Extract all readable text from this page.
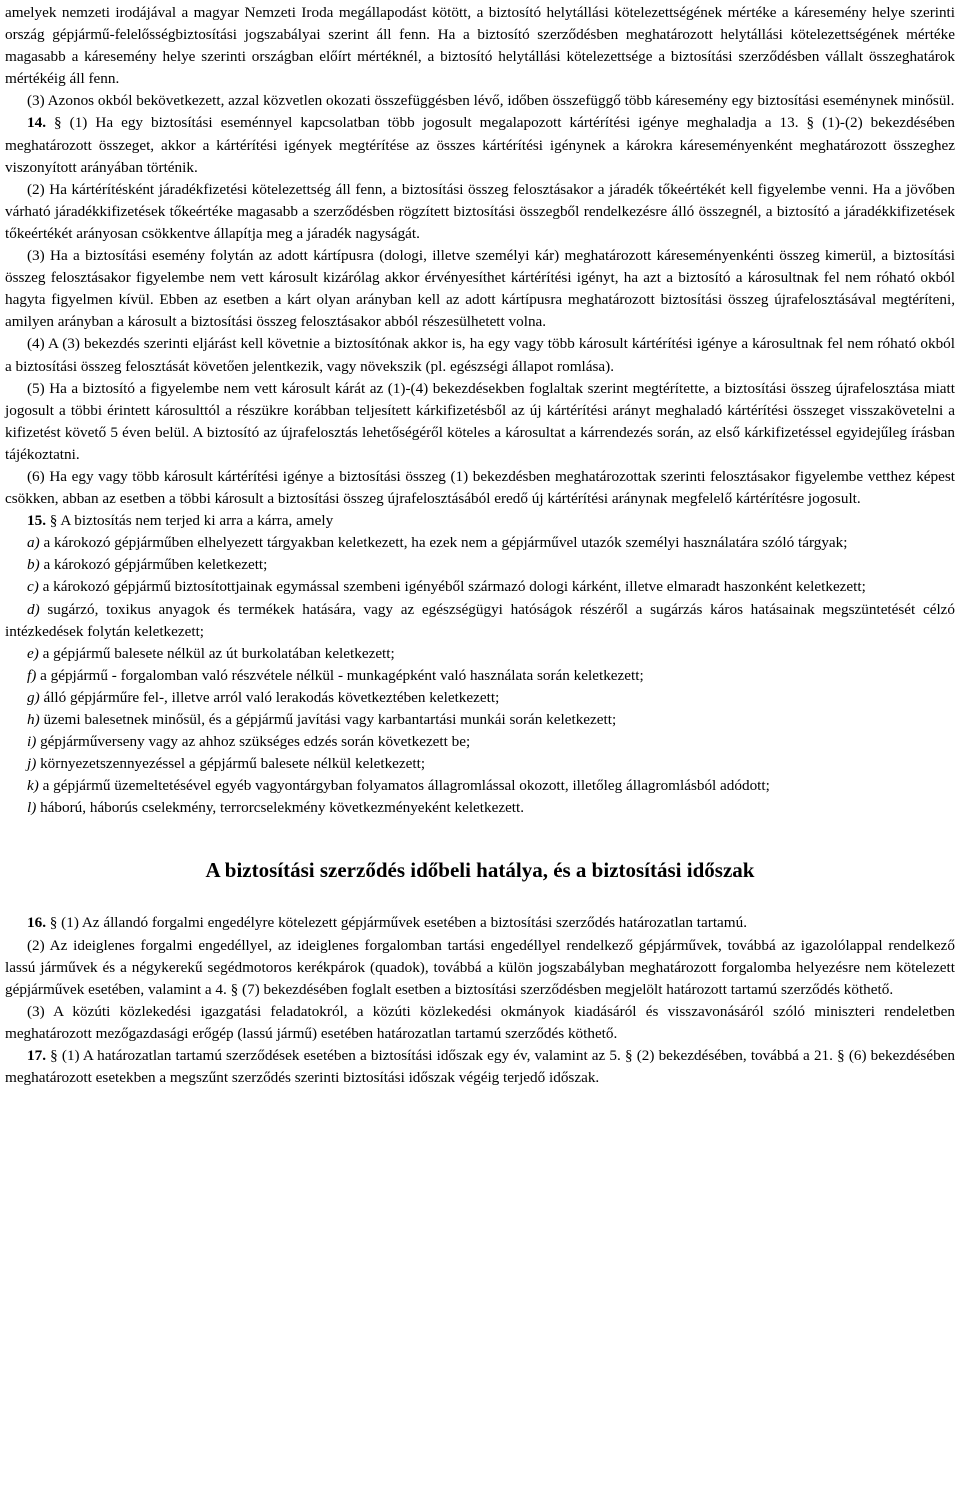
amelyek nemzeti irodájával a magyar Nemzeti Iroda megállapodást kötött, a biztosító helytállási kötelezettségének mértéke a káresemény helye szerinti ország gépjármű-felelősségbiztosítási jogszabályai szerint áll fenn. Ha a biztosító szerződésben meghatározott helytállási kötelezettségének mértéke magasabb a káresemény helye szerinti országban előírt mértéknél, a biztosító helytállási kötelezettsége a biztosítási szerződésben vállalt összeghatárok mértékéig áll fenn.

(3) Azonos okból bekövetkezett, azzal közvetlen okozati összefüggésben lévő, időben összefüggő több káresemény egy biztosítási eseménynek minősül.

14. § (1) Ha egy biztosítási eseménnyel kapcsolatban több jogosult megalapozott kártérítési igénye meghaladja a 13. § (1)-(2) bekezdésében meghatározott összeget, akkor a kártérítési igények megtérítése az összes kártérítési igénynek a károkra káreseményenként meghatározott összeghez viszonyított arányában történik.

(2) Ha kártérítésként járadékfizetési kötelezettség áll fenn, a biztosítási összeg felosztásakor a járadék tőkeértékét kell figyelembe venni. Ha a jövőben várható járadékkifizetések tőkeértéke magasabb a szerződésben rögzített biztosítási összegből rendelkezésre álló összegnél, a biztosító a járadékkifizetések tőkeértékét arányosan csökkentve állapítja meg a járadék nagyságát.

(3) Ha a biztosítási esemény folytán az adott kártípusra (dologi, illetve személyi kár) meghatározott káreseményenkénti összeg kimerül, a biztosítási összeg felosztásakor figyelembe nem vett károsult kizárólag akkor érvényesíthet kártérítési igényt, ha azt a biztosító a károsultnak fel nem róható okból hagyta figyelmen kívül. Ebben az esetben a kárt olyan arányban kell az adott kártípusra meghatározott biztosítási összeg újrafelosztásával megtéríteni, amilyen arányban a károsult a biztosítási összeg felosztásakor abból részesülhetett volna.

(4) A (3) bekezdés szerinti eljárást kell követnie a biztosítónak akkor is, ha egy vagy több károsult kártérítési igénye a károsultnak fel nem róható okból a biztosítási összeg felosztását követően jelentkezik, vagy növekszik (pl. egészségi állapot romlása).

(5) Ha a biztosító a figyelembe nem vett károsult kárát az (1)-(4) bekezdésekben foglaltak szerint megtérítette, a biztosítási összeg újrafelosztása miatt jogosult a többi érintett károsulttól a részükre korábban teljesített kárkifizetésből az új kártérítési arányt meghaladó kártérítési összeget visszakövetelni a kifizetést követő 5 éven belül. A biztosító az újrafelosztás lehetőségéről köteles a károsultat a kárrendezés során, az első kárkifizetéssel egyidejűleg írásban tájékoztatni.

(6) Ha egy vagy több károsult kártérítési igénye a biztosítási összeg (1) bekezdésben meghatározottak szerinti felosztásakor figyelembe vetthez képest csökken, abban az esetben a többi károsult a biztosítási összeg újrafelosztásából eredő új kártérítési aránynak megfelelő kártérítésre jogosult.

15. § A biztosítás nem terjed ki arra a kárra, amely

a) a károkozó gépjárműben elhelyezett tárgyakban keletkezett, ha ezek nem a gépjárművel utazók személyi használatára szóló tárgyak;

b) a károkozó gépjárműben keletkezett;

c) a károkozó gépjármű biztosítottjainak egymással szembeni igényéből származó dologi kárként, illetve elmaradt haszonként keletkezett;

d) sugárzó, toxikus anyagok és termékek hatására, vagy az egészségügyi hatóságok részéről a sugárzás káros hatásainak megszüntetését célzó intézkedések folytán keletkezett;

e) a gépjármű balesete nélkül az út burkolatában keletkezett;

f) a gépjármű - forgalomban való részvétele nélkül - munkagépként való használata során keletkezett;

g) álló gépjárműre fel-, illetve arról való lerakodás következtében keletkezett;

h) üzemi balesetnek minősül, és a gépjármű javítási vagy karbantartási munkái során keletkezett;

i) gépjárműverseny vagy az ahhoz szükséges edzés során következett be;

j) környezetszennyezéssel a gépjármű balesete nélkül keletkezett;

k) a gépjármű üzemeltetésével egyéb vagyontárgyban folyamatos állagromlással okozott, illetőleg állagromlásból adódott;

l) háború, háborús cselekmény, terrorcselekmény következményeként keletkezett.

A biztosítási szerződés időbeli hatálya, és a biztosítási időszak

16. § (1) Az állandó forgalmi engedélyre kötelezett gépjárművek esetében a biztosítási szerződés határozatlan tartamú.

(2) Az ideiglenes forgalmi engedéllyel, az ideiglenes forgalomban tartási engedéllyel rendelkező gépjárművek, továbbá az igazolólappal rendelkező lassú járművek és a négykerekű segédmotoros kerékpárok (quadok), továbbá a külön jogszabályban meghatározott forgalomba helyezésre nem kötelezett gépjárművek esetében, valamint a 4. § (7) bekezdésében foglalt esetben a biztosítási szerződésben megjelölt határozott tartamú szerződés köthető.

(3) A közúti közlekedési igazgatási feladatokról, a közúti közlekedési okmányok kiadásáról és visszavonásáról szóló miniszteri rendeletben meghatározott mezőgazdasági erőgép (lassú jármű) esetében határozatlan tartamú szerződés köthető.

17. § (1) A határozatlan tartamú szerződések esetében a biztosítási időszak egy év, valamint az 5. § (2) bekezdésében, továbbá a 21. § (6) bekezdésében meghatározott esetekben a megszűnt szerződés szerinti biztosítási időszak végéig terjedő időszak.
